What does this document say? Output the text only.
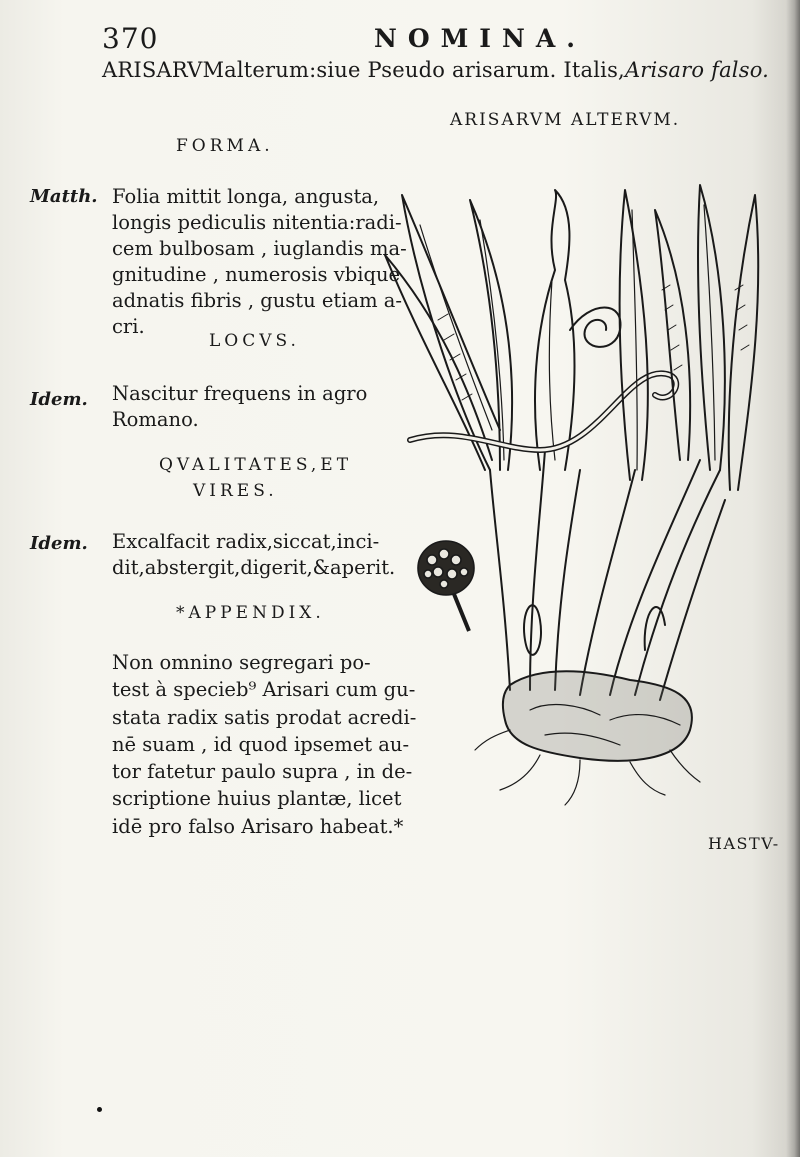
370	NOMINA.
ARISARVMalterum:siue Pseudo arisarum. Italis,Arisaro falso.
ARISARVM ALTERVM.
FORMA.
Matth. Folia mittit longa, angusta,
longis pediculis nitentia:radi-
cem bulbosam , iuglandis ma-
gnitudine , numerosis vbique
adnatis fibris , gustu etiam a-
cri.
LOCVS.
Idem. Nascitur frequens in agro
Romano.
QVALITATES,ET
VIRES.
Idem. Excalfacit radix,siccat,inci-
dit,abstergit,digerit,&aperit.
*APPENDIX.
Non omnino segregari po-
test à specieb⁹ Arisari cum gu-
stata radix satis prodat acredi-
nē suam , id quod ipsemet au-
tor fatetur paulo supra , in de-
scriptione huius plantæ, licet
idē pro falso Arisaro habeat.*
HASTV-
